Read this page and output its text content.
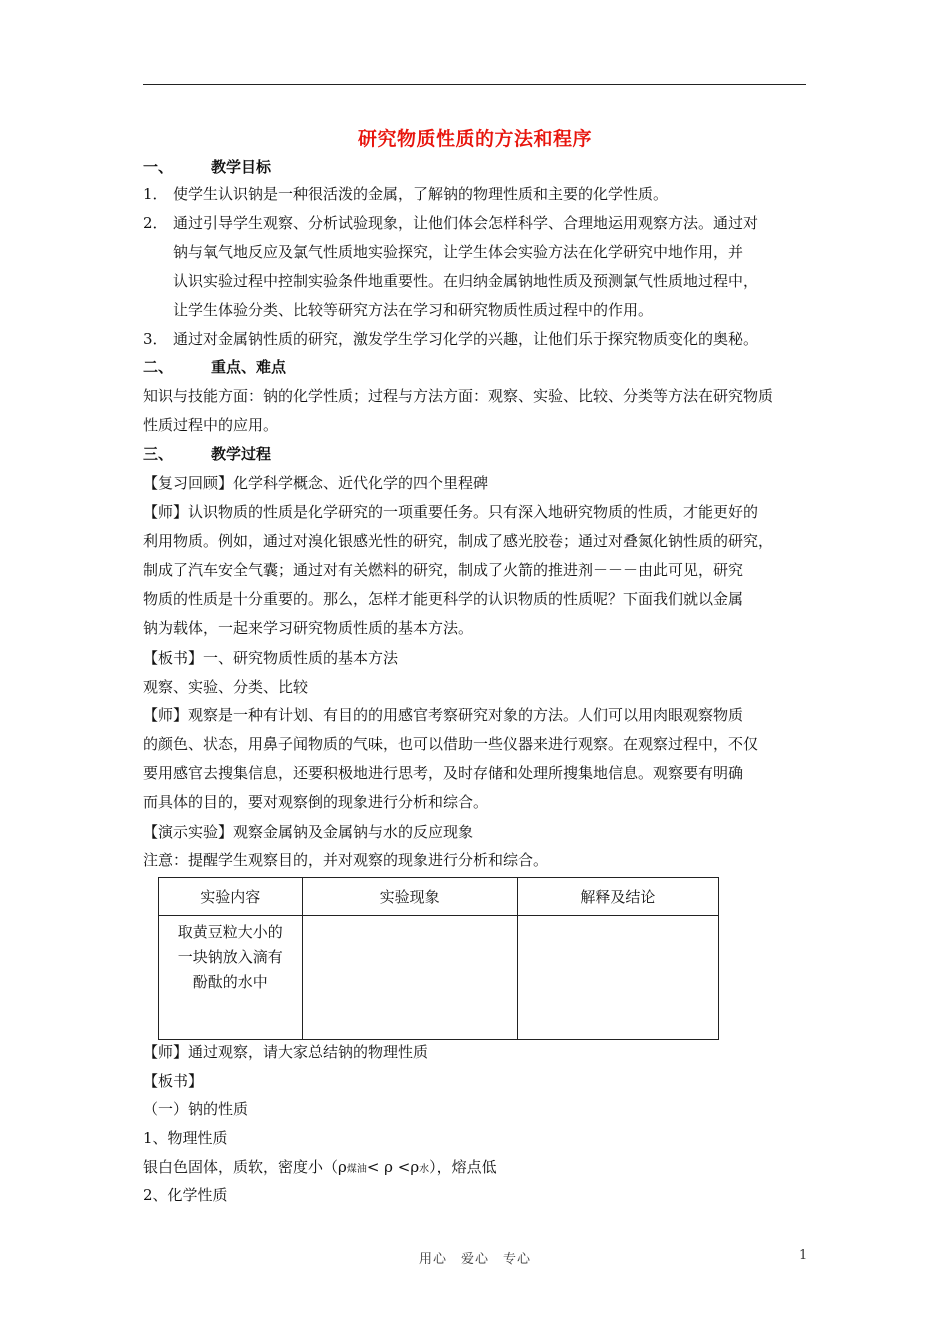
研究物质性质的方法和程序
一、	教学目标
1． 使学生认识钠是一种很活泼的金属，了解钠的物理性质和主要的化学性质。
2． 通过引导学生观察、分析试验现象，让他们体会怎样科学、合理地运用观察方法。通过对
钠与氧气地反应及氯气性质地实验探究，让学生体会实验方法在化学研究中地作用，并
认识实验过程中控制实验条件地重要性。在归纳金属钠地性质及预测氯气性质地过程中，
让学生体验分类、比较等研究方法在学习和研究物质性质过程中的作用。
3． 通过对金属钠性质的研究，激发学生学习化学的兴趣，让他们乐于探究物质变化的奥秘。
二、	重点、难点
知识与技能方面：钠的化学性质；过程与方法方面：观察、实验、比较、分类等方法在研究物质
性质过程中的应用。
三、	教学过程
【复习回顾】化学科学概念、近代化学的四个里程碑
【师】认识物质的性质是化学研究的一项重要任务。只有深入地研究物质的性质，才能更好的
利用物质。例如，通过对溴化银感光性的研究，制成了感光胶卷；通过对叠氮化钠性质的研究，
制成了汽车安全气囊；通过对有关燃料的研究，制成了火箭的推进剂－－－由此可见，研究
物质的性质是十分重要的。那么，怎样才能更科学的认识物质的性质呢？下面我们就以金属
钠为载体，一起来学习研究物质性质的基本方法。
【板书】一、研究物质性质的基本方法
观察、实验、分类、比较
【师】观察是一种有计划、有目的的用感官考察研究对象的方法。人们可以用肉眼观察物质
的颜色、状态，用鼻子闻物质的气味，也可以借助一些仪器来进行观察。在观察过程中，不仅
要用感官去搜集信息，还要积极地进行思考，及时存储和处理所搜集地信息。观察要有明确
而具体的目的，要对观察倒的现象进行分析和综合。
【演示实验】观察金属钠及金属钠与水的反应现象
注意：提醒学生观察目的，并对观察的现象进行分析和综合。
实验内容	实验现象	解释及结论

取黄豆粒大小的
一块钠放入滴有
酚酞的水中		

【师】通过观察，请大家总结钠的物理性质
【板书】
（一）钠的性质
1、物理性质
银白色固体，质软，密度小（ρ煤油< ρ <ρ水），熔点低
2、化学性质
用心　爱心　专心	1
